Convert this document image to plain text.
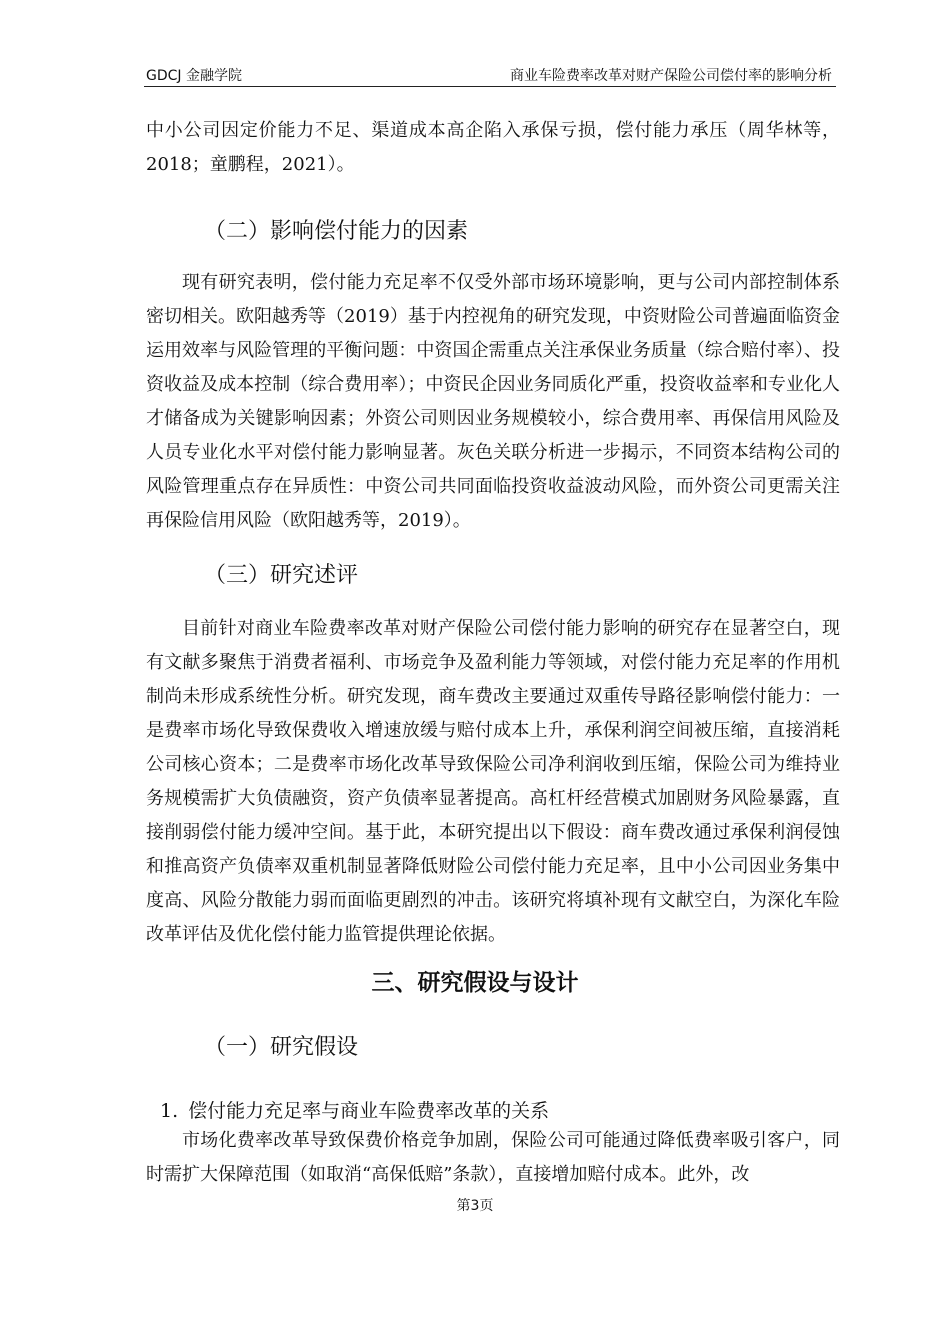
GDCJ 金融学院	商业车险费率改革对财产保险公司偿付率的影响分析

中小公司因定价能力不足、渠道成本高企陷入承保亏损，偿付能力承压（周华林等，2018；童鹏程，2021）。

（二）影响偿付能力的因素

现有研究表明，偿付能力充足率不仅受外部市场环境影响，更与公司内部控制体系密切相关。欧阳越秀等（2019）基于内控视角的研究发现，中资财险公司普遍面临资金运用效率与风险管理的平衡问题：中资国企需重点关注承保业务质量（综合赔付率）、投资收益及成本控制（综合费用率）；中资民企因业务同质化严重，投资收益率和专业化人才储备成为关键影响因素；外资公司则因业务规模较小，综合费用率、再保信用风险及人员专业化水平对偿付能力影响显著。灰色关联分析进一步揭示，不同资本结构公司的风险管理重点存在异质性：中资公司共同面临投资收益波动风险，而外资公司更需关注再保险信用风险（欧阳越秀等，2019）。

（三）研究述评

目前针对商业车险费率改革对财产保险公司偿付能力影响的研究存在显著空白，现有文献多聚焦于消费者福利、市场竞争及盈利能力等领域，对偿付能力充足率的作用机制尚未形成系统性分析。研究发现，商车费改主要通过双重传导路径影响偿付能力：一是费率市场化导致保费收入增速放缓与赔付成本上升，承保利润空间被压缩，直接消耗公司核心资本；二是费率市场化改革导致保险公司净利润收到压缩，保险公司为维持业务规模需扩大负债融资，资产负债率显著提高。高杠杆经营模式加剧财务风险暴露，直接削弱偿付能力缓冲空间。基于此，本研究提出以下假设：商车费改通过承保利润侵蚀和推高资产负债率双重机制显著降低财险公司偿付能力充足率，且中小公司因业务集中度高、风险分散能力弱而面临更剧烈的冲击。该研究将填补现有文献空白，为深化车险改革评估及优化偿付能力监管提供理论依据。

三、研究假设与设计
（一）研究假设
1. 偿付能力充足率与商业车险费率改革的关系

市场化费率改革导致保费价格竞争加剧，保险公司可能通过降低费率吸引客户，同时需扩大保障范围（如取消“高保低赔”条款），直接增加赔付成本。此外，改

第3页
